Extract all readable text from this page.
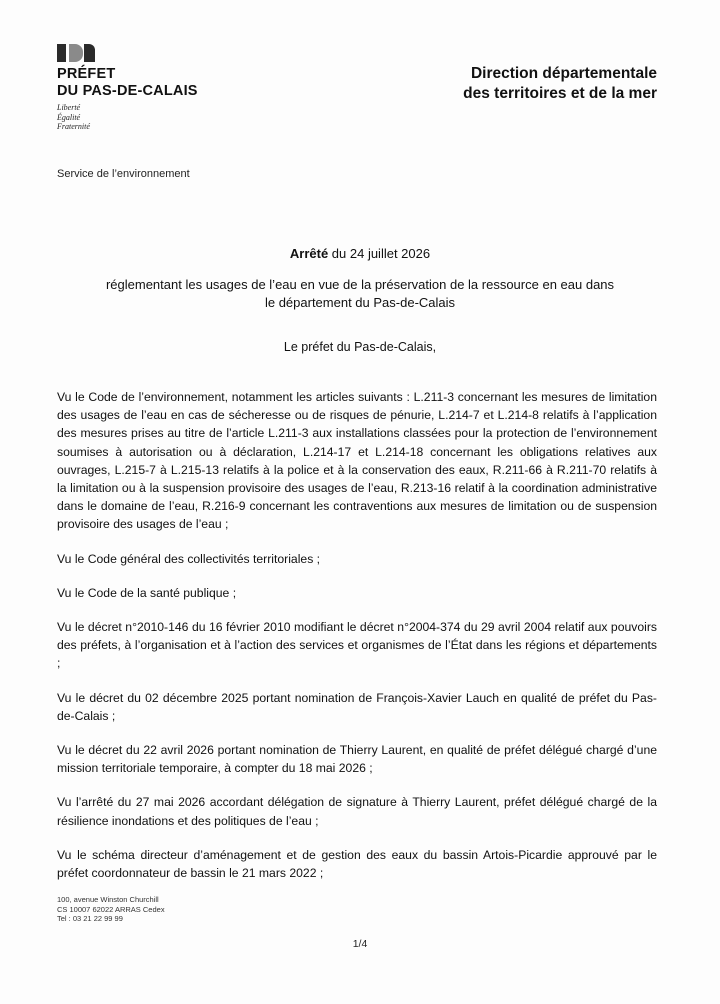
PRÉFET
DU PAS-DE-CALAIS
Liberté
Égalité
Fraternité
Direction départementale
des territoires et de la mer
Service de l’environnement
Arrêté du 24 juillet 2026
réglementant les usages de l’eau en vue de la préservation de la ressource en eau dans le département du Pas-de-Calais
Le préfet du Pas-de-Calais,

Vu le Code de l’environnement, notamment les articles suivants : L.211-3 concernant les mesures de limitation des usages de l’eau en cas de sécheresse ou de risques de pénurie, L.214-7 et L.214-8 relatifs à l’application des mesures prises au titre de l’article L.211-3 aux installations classées pour la protection de l’environnement soumises à autorisation ou à déclaration, L.214-17 et L.214-18 concernant les obligations relatives aux ouvrages, L.215-7 à L.215-13 relatifs à la police et à la conservation des eaux, R.211-66 à R.211-70 relatifs à la limitation ou à la suspension provisoire des usages de l’eau, R.213-16 relatif à la coordination administrative dans le domaine de l’eau, R.216-9 concernant les contraventions aux mesures de limitation ou de suspension provisoire des usages de l’eau ;

Vu le Code général des collectivités territoriales ;

Vu le Code de la santé publique ;

Vu le décret n°2010-146 du 16 février 2010 modifiant le décret n°2004-374 du 29 avril 2004 relatif aux pouvoirs des préfets, à l’organisation et à l’action des services et organismes de l’État dans les régions et départements ;

Vu le décret du 02 décembre 2025 portant nomination de François-Xavier Lauch en qualité de préfet du Pas-de-Calais ;

Vu le décret du 22 avril 2026 portant nomination de Thierry Laurent, en qualité de préfet délégué chargé d’une mission territoriale temporaire, à compter du 18 mai 2026 ;

Vu l’arrêté du 27 mai 2026 accordant délégation de signature à Thierry Laurent, préfet délégué chargé de la résilience inondations et des politiques de l’eau ;

Vu le schéma directeur d’aménagement et de gestion des eaux du bassin Artois-Picardie approuvé par le préfet coordonnateur de bassin le 21 mars 2022 ;

100, avenue Winston Churchill
CS 10007 62022 ARRAS Cedex
Tel : 03 21 22 99 99
1/4
